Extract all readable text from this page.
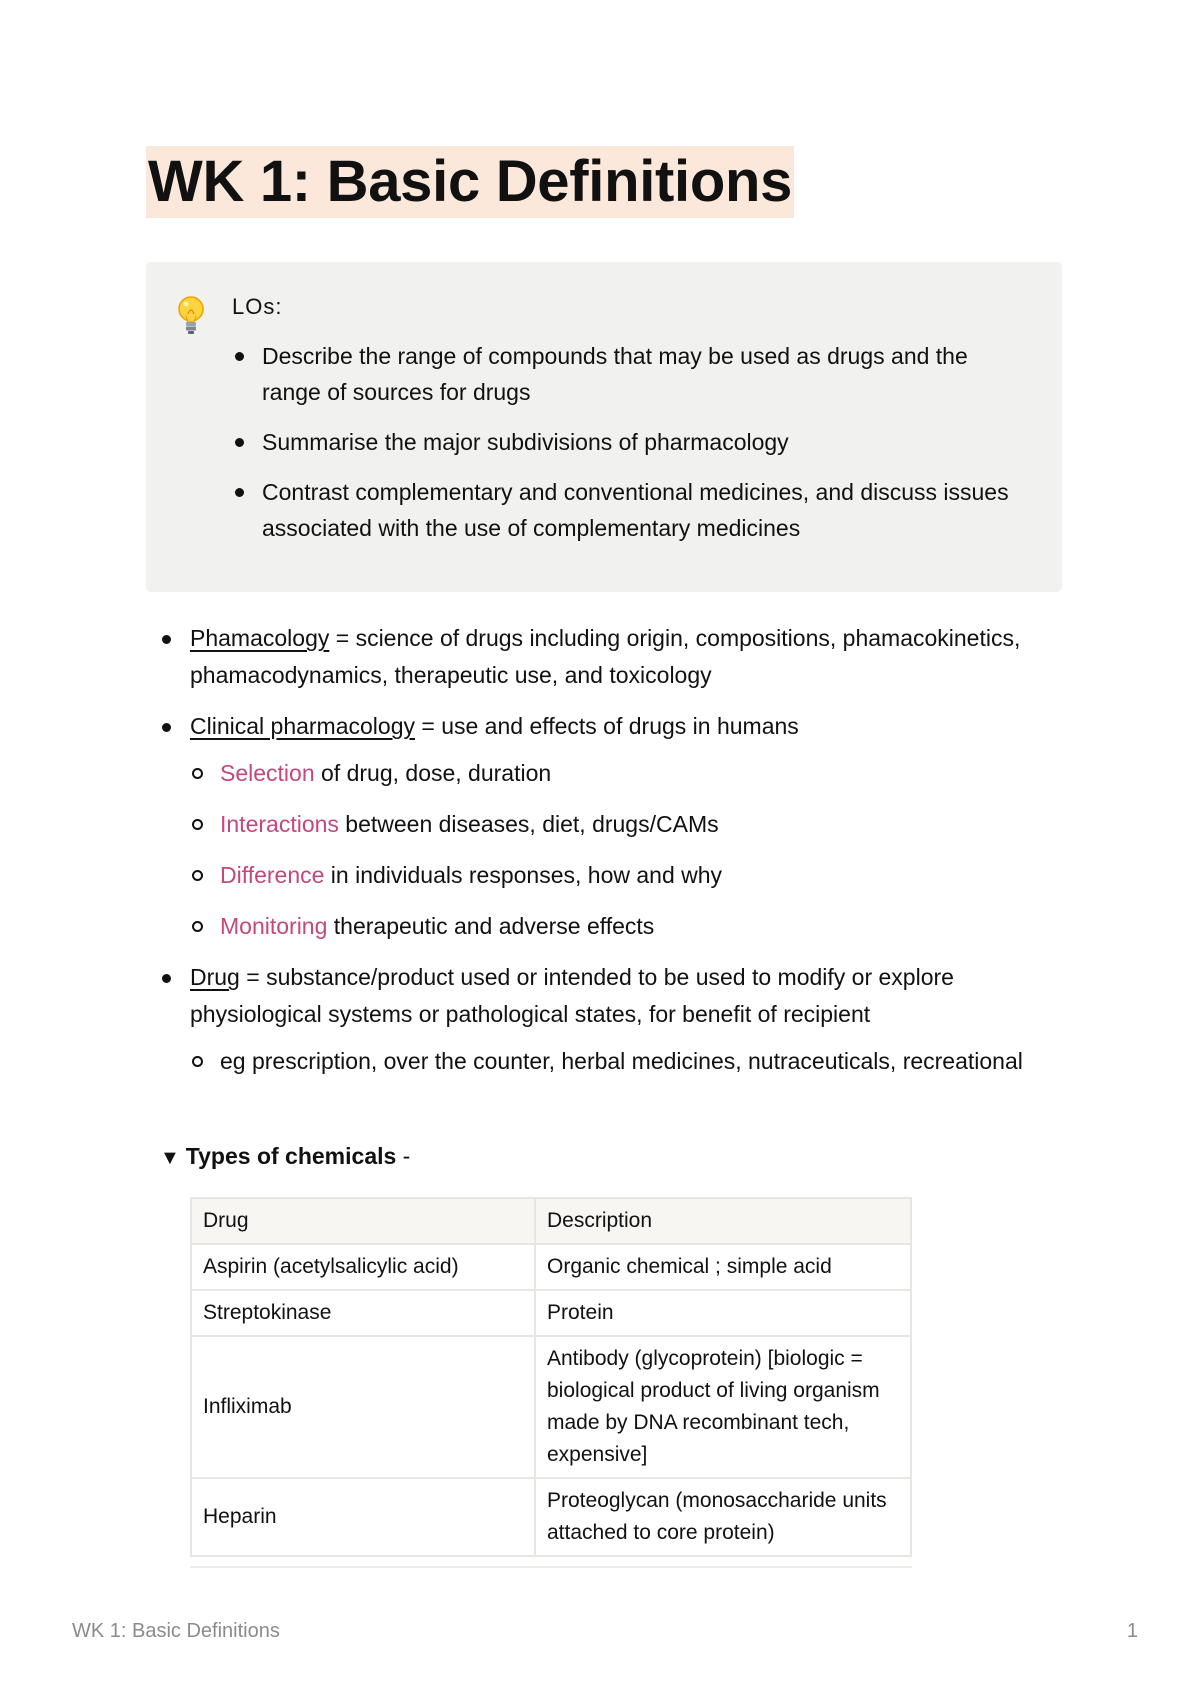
WK 1: Basic Definitions
LOs:
Describe the range of compounds that may be used as drugs and the range of sources for drugs
Summarise the major subdivisions of pharmacology
Contrast complementary and conventional medicines, and discuss issues associated with the use of complementary medicines
Phamacology = science of drugs including origin, compositions, phamacokinetics, phamacodynamics, therapeutic use, and toxicology
Clinical pharmacology = use and effects of drugs in humans
Selection of drug, dose, duration
Interactions between diseases, diet, drugs/CAMs
Difference in individuals responses, how and why
Monitoring therapeutic and adverse effects
Drug = substance/product used or intended to be used to modify or explore physiological systems or pathological states, for benefit of recipient
eg prescription, over the counter, herbal medicines, nutraceuticals, recreational
▼ Types of chemicals -
Drug	Description
Aspirin (acetylsalicylic acid)	Organic chemical ; simple acid
Streptokinase	Protein
Infliximab	Antibody (glycoprotein) [biologic = biological product of living organism made by DNA recombinant tech, expensive]
Heparin	Proteoglycan (monosaccharide units attached to core protein)
WK 1: Basic Definitions	1
